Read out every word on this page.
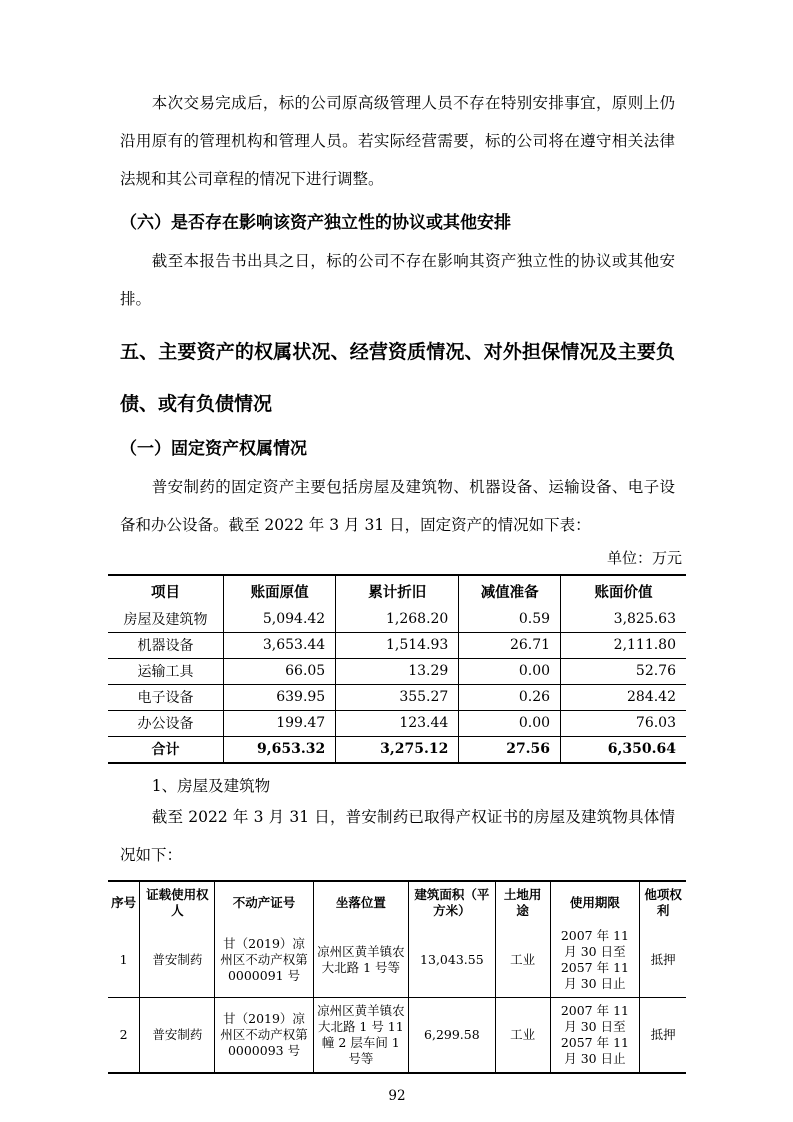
本次交易完成后，标的公司原高级管理人员不存在特别安排事宜，原则上仍沿用原有的管理机构和管理人员。若实际经营需要，标的公司将在遵守相关法律法规和其公司章程的情况下进行调整。

（六）是否存在影响该资产独立性的协议或其他安排

截至本报告书出具之日，标的公司不存在影响其资产独立性的协议或其他安排。

五、主要资产的权属状况、经营资质情况、对外担保情况及主要负债、或有负债情况
（一）固定资产权属情况

普安制药的固定资产主要包括房屋及建筑物、机器设备、运输设备、电子设备和办公设备。截至 2022 年 3 月 31 日，固定资产的情况如下表：

单位：万元
项目	账面原值	累计折旧	减值准备	账面价值
房屋及建筑物	5,094.42	1,268.20	0.59	3,825.63
机器设备	3,653.44	1,514.93	26.71	2,111.80
运输工具	66.05	13.29	0.00	52.76
电子设备	639.95	355.27	0.26	284.42
办公设备	199.47	123.44	0.00	76.03
合计	9,653.32	3,275.12	27.56	6,350.64
1、房屋及建筑物

截至 2022 年 3 月 31 日，普安制药已取得产权证书的房屋及建筑物具体情况如下：

序号	证载使用权人	不动产证号	坐落位置	建筑面积（平方米）	土地用途	使用期限	他项权利
1	普安制药	甘（2019）凉州区不动产权第 0000091 号	凉州区黄羊镇农大北路 1 号等	13,043.55	工业	2007 年 11 月 30 日至 2057 年 11 月 30 日止	抵押
2	普安制药	甘（2019）凉州区不动产权第 0000093 号	凉州区黄羊镇农大北路 1 号 11 幢 2 层车间 1 号等	6,299.58	工业	2007 年 11 月 30 日至 2057 年 11 月 30 日止	抵押
92
